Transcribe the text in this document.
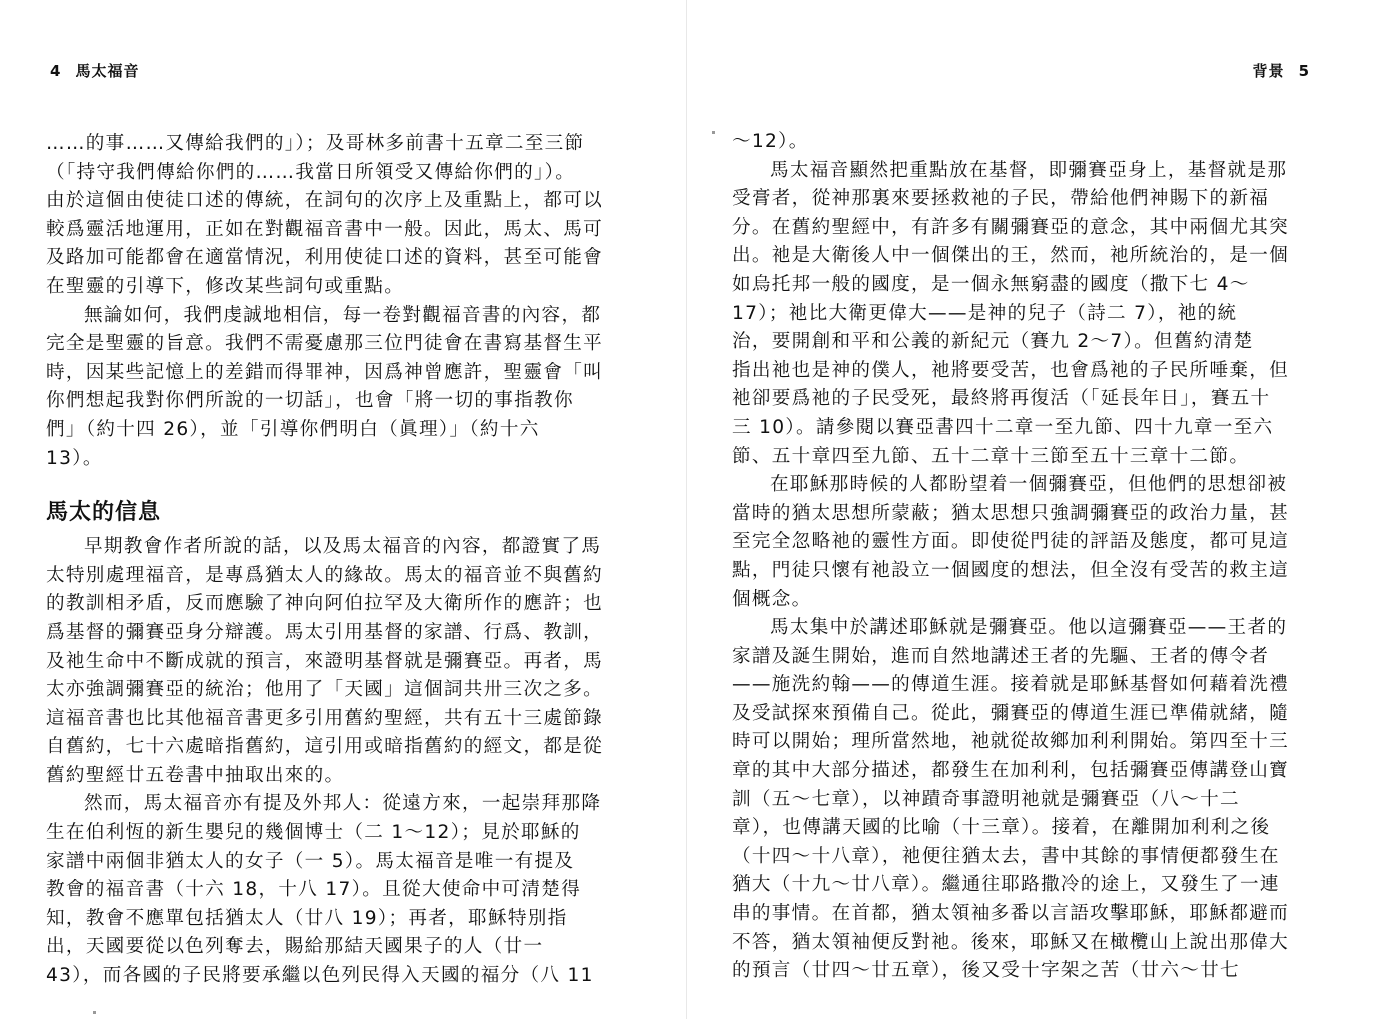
4 馬太福音
……的事……又傳給我們的」）；及哥林多前書十五章二至三節
（「持守我們傳給你們的……我當日所領受又傳給你們的」）。
由於這個由使徒口述的傳統，在詞句的次序上及重點上，都可以
較爲靈活地運用，正如在對觀福音書中一般。因此，馬太、馬可
及路加可能都會在適當情況，利用使徒口述的資料，甚至可能會
在聖靈的引導下，修改某些詞句或重點。
無論如何，我們虔誠地相信，每一卷對觀福音書的內容，都
完全是聖靈的旨意。我們不需憂慮那三位門徒會在書寫基督生平
時，因某些記憶上的差錯而得罪神，因爲神曾應許，聖靈會「叫
你們想起我對你們所說的一切話」，也會「將一切的事指教你
們」（約十四 26），並「引導你們明白（眞理）」（約十六
13）。
馬太的信息
早期教會作者所說的話，以及馬太福音的內容，都證實了馬
太特別處理福音，是專爲猶太人的緣故。馬太的福音並不與舊約
的教訓相矛盾，反而應驗了神向阿伯拉罕及大衛所作的應許；也
爲基督的彌賽亞身分辯護。馬太引用基督的家譜、行爲、教訓，
及祂生命中不斷成就的預言，來證明基督就是彌賽亞。再者，馬
太亦強調彌賽亞的統治；他用了「天國」這個詞共卅三次之多。
這福音書也比其他福音書更多引用舊約聖經，共有五十三處節錄
自舊約，七十六處暗指舊約，這引用或暗指舊約的經文，都是從
舊約聖經廿五卷書中抽取出來的。
然而，馬太福音亦有提及外邦人：從遠方來，一起崇拜那降
生在伯利恆的新生嬰兒的幾個博士（二 1～12）；見於耶穌的
家譜中兩個非猶太人的女子（一 5）。馬太福音是唯一有提及
教會的福音書（十六 18，十八 17）。且從大使命中可清楚得
知，教會不應單包括猶太人（廿八 19）；再者，耶穌特別指
出，天國要從以色列奪去，賜給那結天國果子的人（廿一
43），而各國的子民將要承繼以色列民得入天國的福分（八 11
背景 5
～12）。
馬太福音顯然把重點放在基督，即彌賽亞身上，基督就是那
受膏者，從神那裏來要拯救祂的子民，帶給他們神賜下的新福
分。在舊約聖經中，有許多有關彌賽亞的意念，其中兩個尤其突
出。祂是大衛後人中一個傑出的王，然而，祂所統治的，是一個
如烏托邦一般的國度，是一個永無窮盡的國度（撒下七 4～
17）；祂比大衛更偉大——是神的兒子（詩二 7），祂的統
治，要開創和平和公義的新紀元（賽九 2～7）。但舊約清楚
指出祂也是神的僕人，祂將要受苦，也會爲祂的子民所唾棄，但
祂卻要爲祂的子民受死，最終將再復活（「延長年日」，賽五十
三 10）。請參閱以賽亞書四十二章一至九節、四十九章一至六
節、五十章四至九節、五十二章十三節至五十三章十二節。
在耶穌那時候的人都盼望着一個彌賽亞，但他們的思想卻被
當時的猶太思想所蒙蔽；猶太思想只強調彌賽亞的政治力量，甚
至完全忽略祂的靈性方面。即使從門徒的評語及態度，都可見這
點，門徒只懷有祂設立一個國度的想法，但全沒有受苦的救主這
個概念。
馬太集中於講述耶穌就是彌賽亞。他以這彌賽亞——王者的
家譜及誕生開始，進而自然地講述王者的先驅、王者的傳令者
——施洗約翰——的傳道生涯。接着就是耶穌基督如何藉着洗禮
及受試探來預備自己。從此，彌賽亞的傳道生涯已準備就緒，隨
時可以開始；理所當然地，祂就從故鄉加利利開始。第四至十三
章的其中大部分描述，都發生在加利利，包括彌賽亞傳講登山寶
訓（五～七章），以神蹟奇事證明祂就是彌賽亞（八～十二
章），也傳講天國的比喻（十三章）。接着，在離開加利利之後
（十四～十八章），祂便往猶太去，書中其餘的事情便都發生在
猶大（十九～廿八章）。繼通往耶路撒冷的途上，又發生了一連
串的事情。在首都，猶太領袖多番以言語攻擊耶穌，耶穌都避而
不答，猶太領袖便反對祂。後來，耶穌又在橄欖山上說出那偉大
的預言（廿四～廿五章），後又受十字架之苦（廿六～廿七
